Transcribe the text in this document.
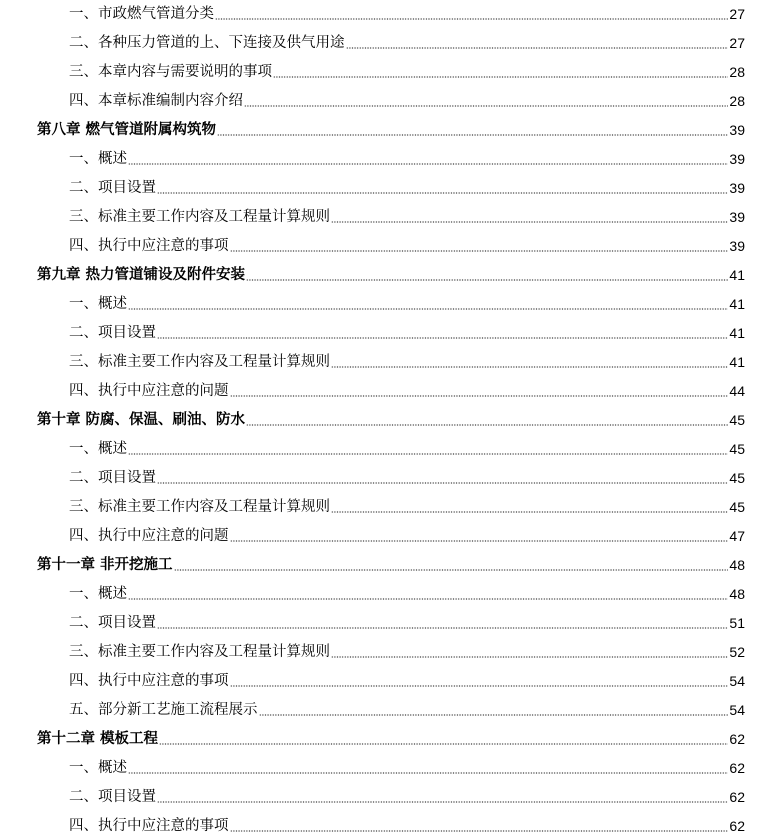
一、市政燃气管道分类	27
二、各种压力管道的上、下连接及供气用途	27
三、本章内容与需要说明的事项	28
四、本章标准编制内容介绍	28
第八章 燃气管道附属构筑物	39
一、概述	39
二、项目设置	39
三、标准主要工作内容及工程量计算规则	39
四、执行中应注意的事项	39
第九章 热力管道铺设及附件安装	41
一、概述	41
二、项目设置	41
三、标准主要工作内容及工程量计算规则	41
四、执行中应注意的问题	44
第十章 防腐、保温、刷油、防水	45
一、概述	45
二、项目设置	45
三、标准主要工作内容及工程量计算规则	45
四、执行中应注意的问题	47
第十一章 非开挖施工	48
一、概述	48
二、项目设置	51
三、标准主要工作内容及工程量计算规则	52
四、执行中应注意的事项	54
五、部分新工艺施工流程展示	54
第十二章 模板工程	62
一、概述	62
二、项目设置	62
四、执行中应注意的事项	62
